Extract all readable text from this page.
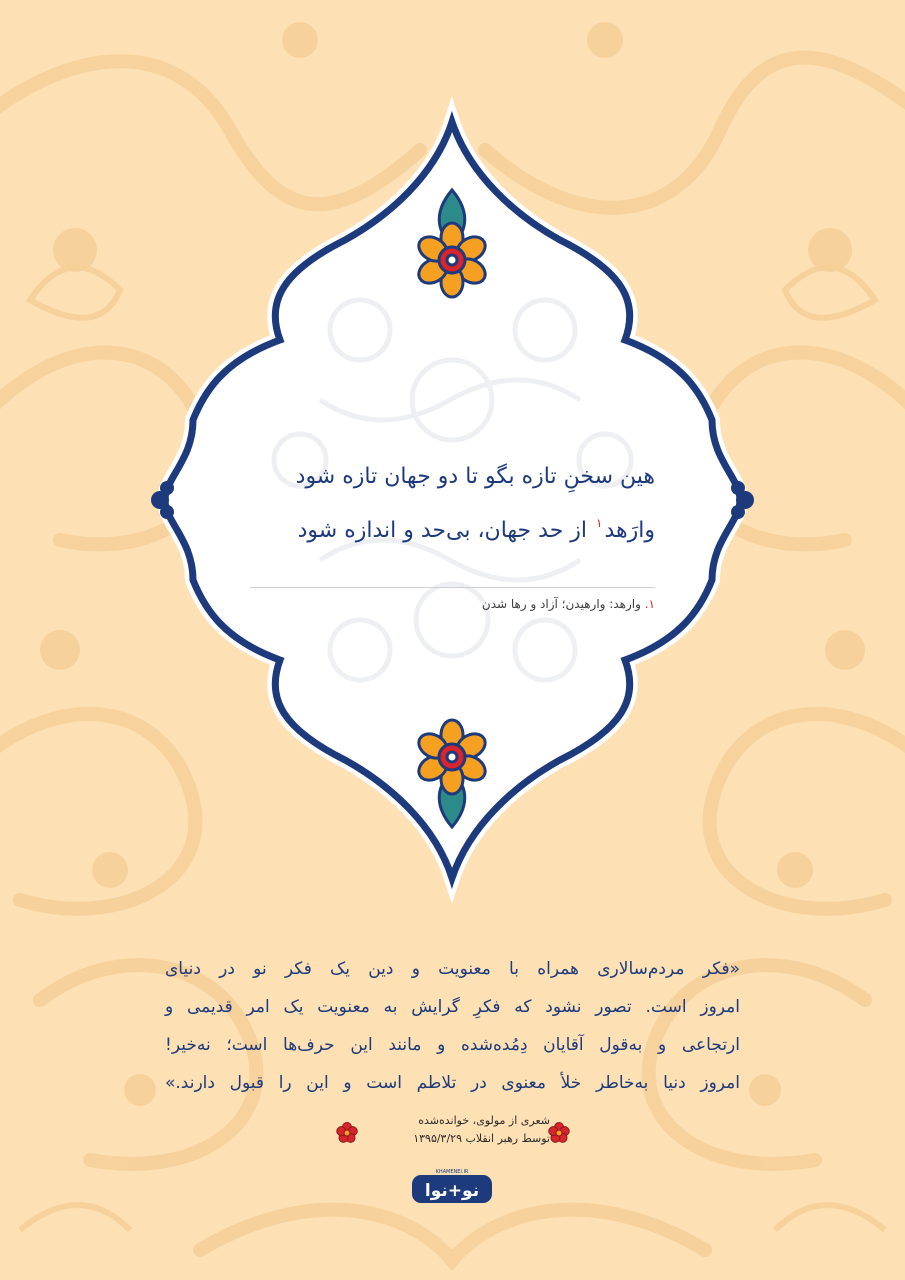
هین سخنِ تازه بگو تا دو جهان تازه شود
وارَهد$^۱$ از حد جهان، بی‌حد و اندازه شود
۱. وارهد: وارهیدن؛ آزاد و رها شدن
«فکر مردم‌سالاری همراه با معنویت و دین یک فکر نو در دنیای
امروز است. تصور نشود که فکرِ گرایش به معنویت یک امر قدیمی و
ارتجاعی و به‌قول آقایان دِمُده‌شده و مانند این حرف‌ها است؛ نه‌خیر!
امروز دنیا به‌خاطر خلأ معنوی در تلاطم است و این را قبول دارند.»
شعری از مولوی، خوانده‌شده
توسط رهبر انقلاب ۱۳۹۵/۳/۲۹
نو+نوا
KHAMENEI.IR
